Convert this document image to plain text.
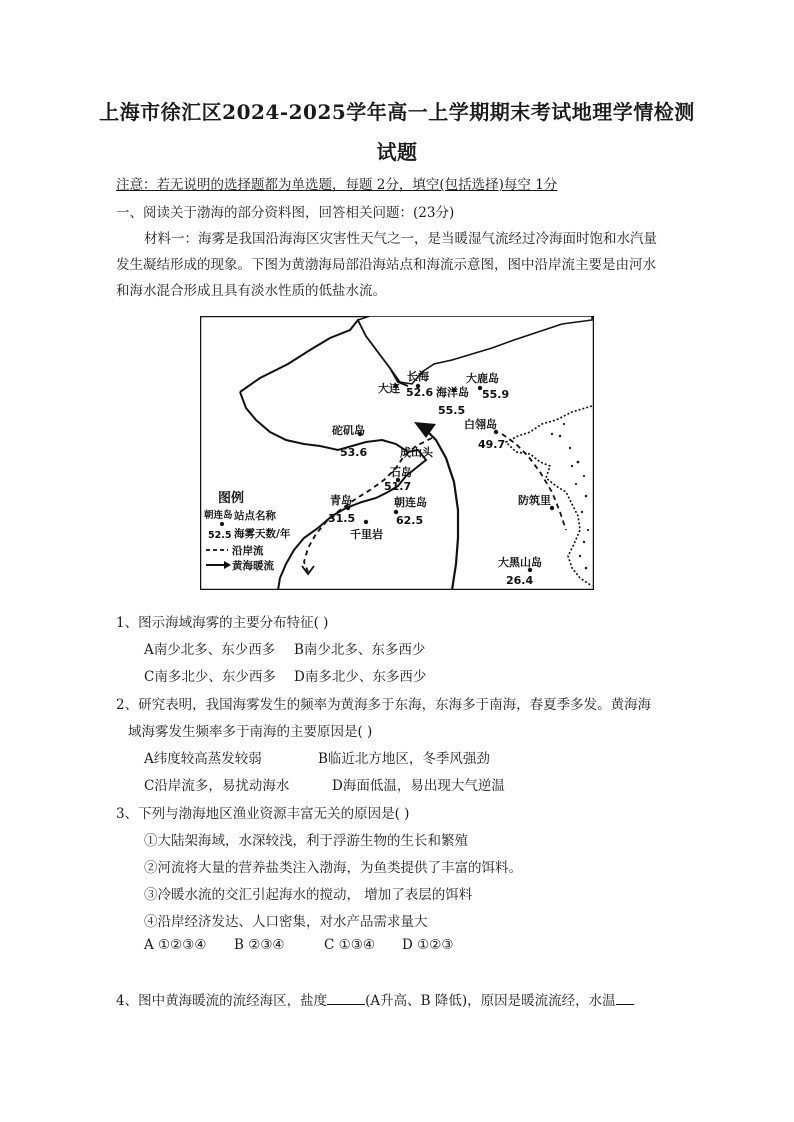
上海市徐汇区2024-2025学年高一上学期期末考试地理学情检测
试题
注意：若无说明的选择题都为单选题，每题 2分，填空(包括选择)每空 1分
一、阅读关于渤海的部分资料图，回答相关问题：(23分)
材料一：海雾是我国沿海海区灾害性天气之一，是当暖湿气流经过冷海面时饱和水汽量
发生凝结形成的现象。下图为黄渤海局部沿海站点和海流示意图，图中沿岸流主要是由河水
和海水混合形成且具有淡水性质的低盐水流。
大连
长海
52.6 海洋岛
55.5
大鹿岛
55.9
白翎岛
49.7
砣矶岛
53.6	成山头
石岛
51.7
青岛
31.5
朝连岛
62.5
千里岩
防筑里
大黑山岛
26.4
图例
朝连岛 站点名称
52.5 海雾天数/年
沿岸流
黄海暖流
1、图示海域海雾的主要分布特征( )
A南少北多、东少西多 B南少北多、东多西少
C南多北少、东少西多 D南多北少、东多西少
2、研究表明，我国海雾发生的频率为黄海多于东海，东海多于南海，春夏季多发。黄海海
域海雾发生频率多于南海的主要原因是( )
A纬度较高蒸发较弱	B临近北方地区，冬季风强劲
C沿岸流多，易扰动海水	D海面低温，易出现大气逆温
3、下列与渤海地区渔业资源丰富无关的原因是( )
①大陆架海域，水深较浅，利于浮游生物的生长和繁殖
②河流将大量的营养盐类注入渤海，为鱼类提供了丰富的饵料。
③冷暖水流的交汇引起海水的搅动， 增加了表层的饵料
④沿岸经济发达、人口密集，对水产品需求量大
A ①②③④ B ②③④	C ①③④ D ①②③
4、图中黄海暖流的流经海区，盐度	(A升高、B 降低)，原因是暖流流经，水温
